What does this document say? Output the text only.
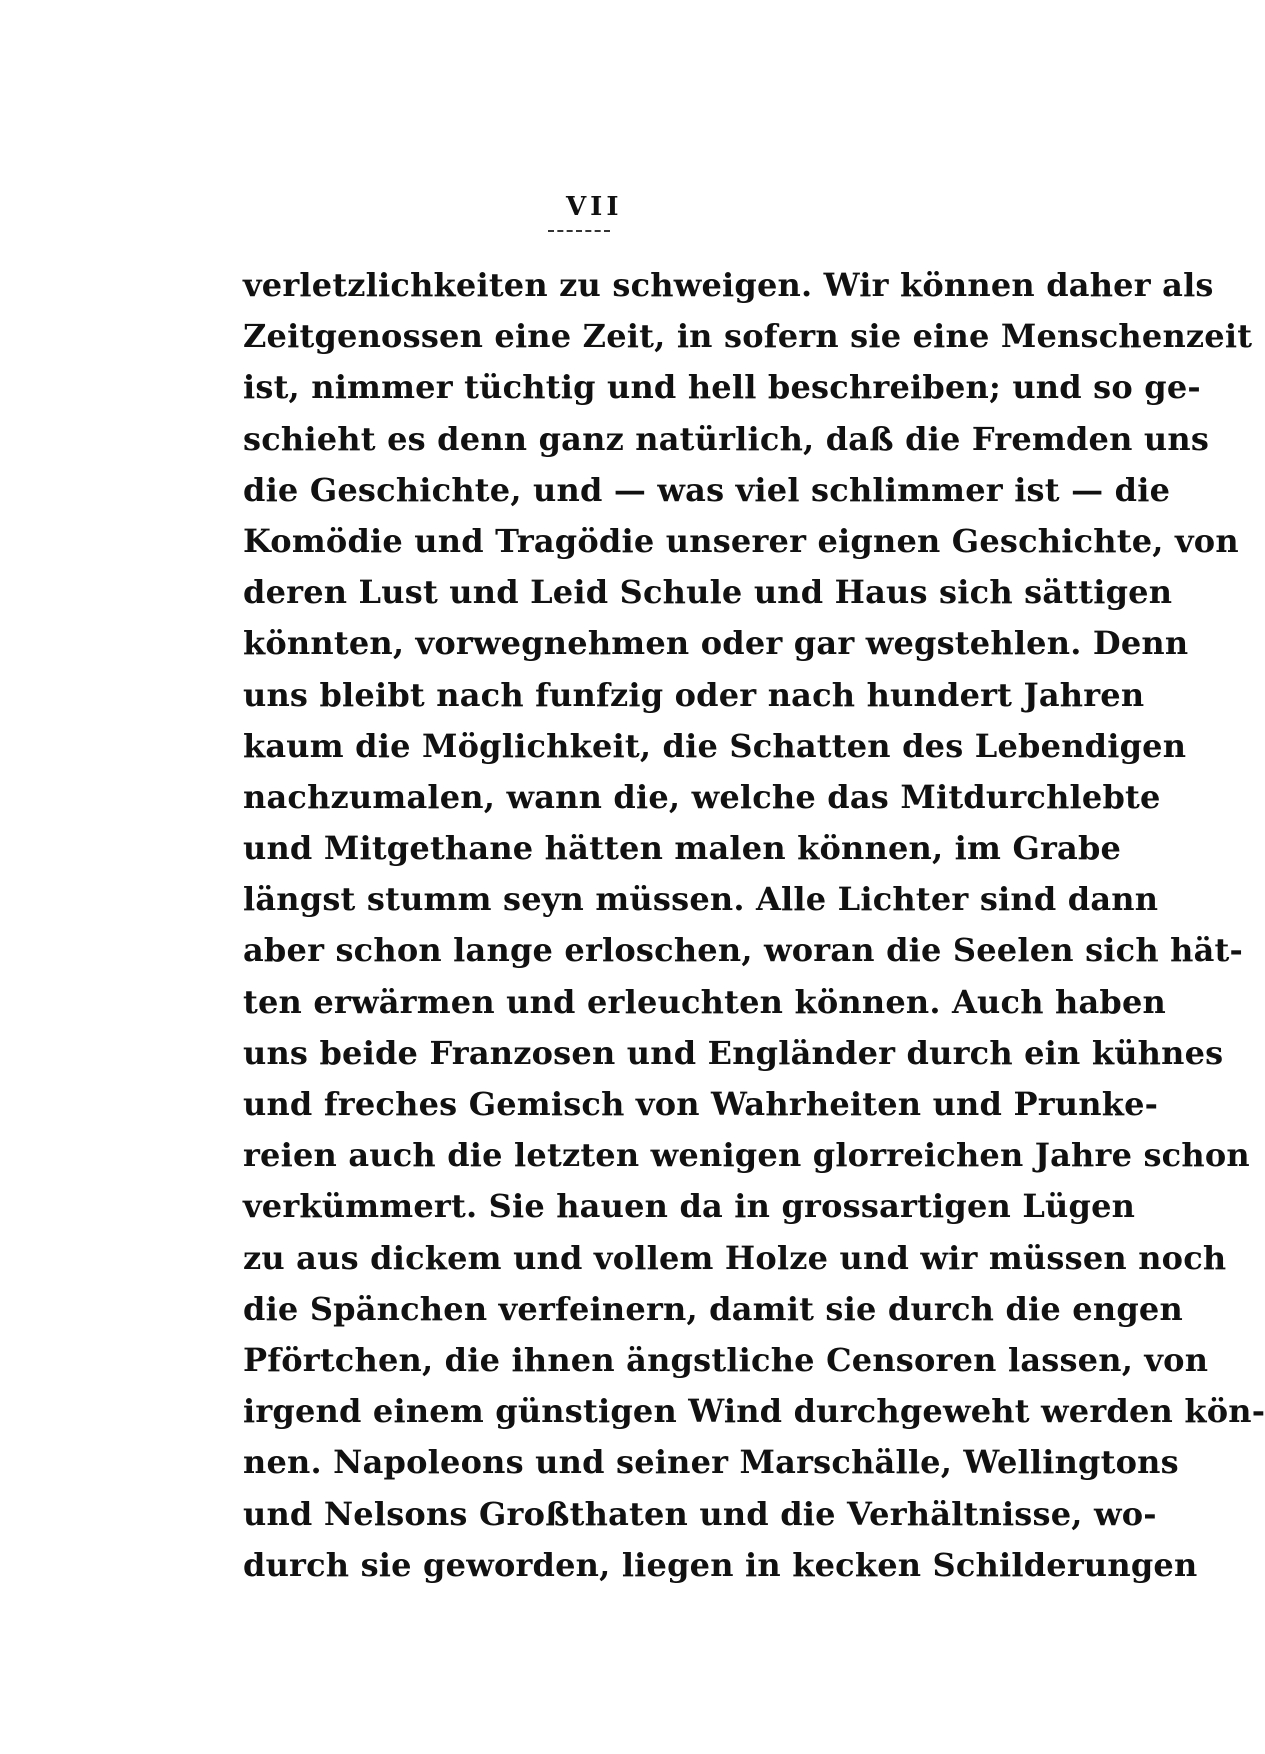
VII
verletzlichkeiten zu schweigen. Wir können daher als
Zeitgenossen eine Zeit, in sofern sie eine Menschenzeit
ist, nimmer tüchtig und hell beschreiben; und so ge-
schieht es denn ganz natürlich, daß die Fremden uns
die Geschichte, und — was viel schlimmer ist — die
Komödie und Tragödie unserer eignen Geschichte, von
deren Lust und Leid Schule und Haus sich sättigen
könnten, vorwegnehmen oder gar wegstehlen. Denn
uns bleibt nach funfzig oder nach hundert Jahren
kaum die Möglichkeit, die Schatten des Lebendigen
nachzumalen, wann die, welche das Mitdurchlebte
und Mitgethane hätten malen können, im Grabe
längst stumm seyn müssen. Alle Lichter sind dann
aber schon lange erloschen, woran die Seelen sich hät-
ten erwärmen und erleuchten können. Auch haben
uns beide Franzosen und Engländer durch ein kühnes
und freches Gemisch von Wahrheiten und Prunke-
reien auch die letzten wenigen glorreichen Jahre schon
verkümmert. Sie hauen da in grossartigen Lügen
zu aus dickem und vollem Holze und wir müssen noch
die Spänchen verfeinern, damit sie durch die engen
Pförtchen, die ihnen ängstliche Censoren lassen, von
irgend einem günstigen Wind durchgeweht werden kön-
nen. Napoleons und seiner Marschälle, Wellingtons
und Nelsons Großthaten und die Verhältnisse, wo-
durch sie geworden, liegen in kecken Schilderungen
